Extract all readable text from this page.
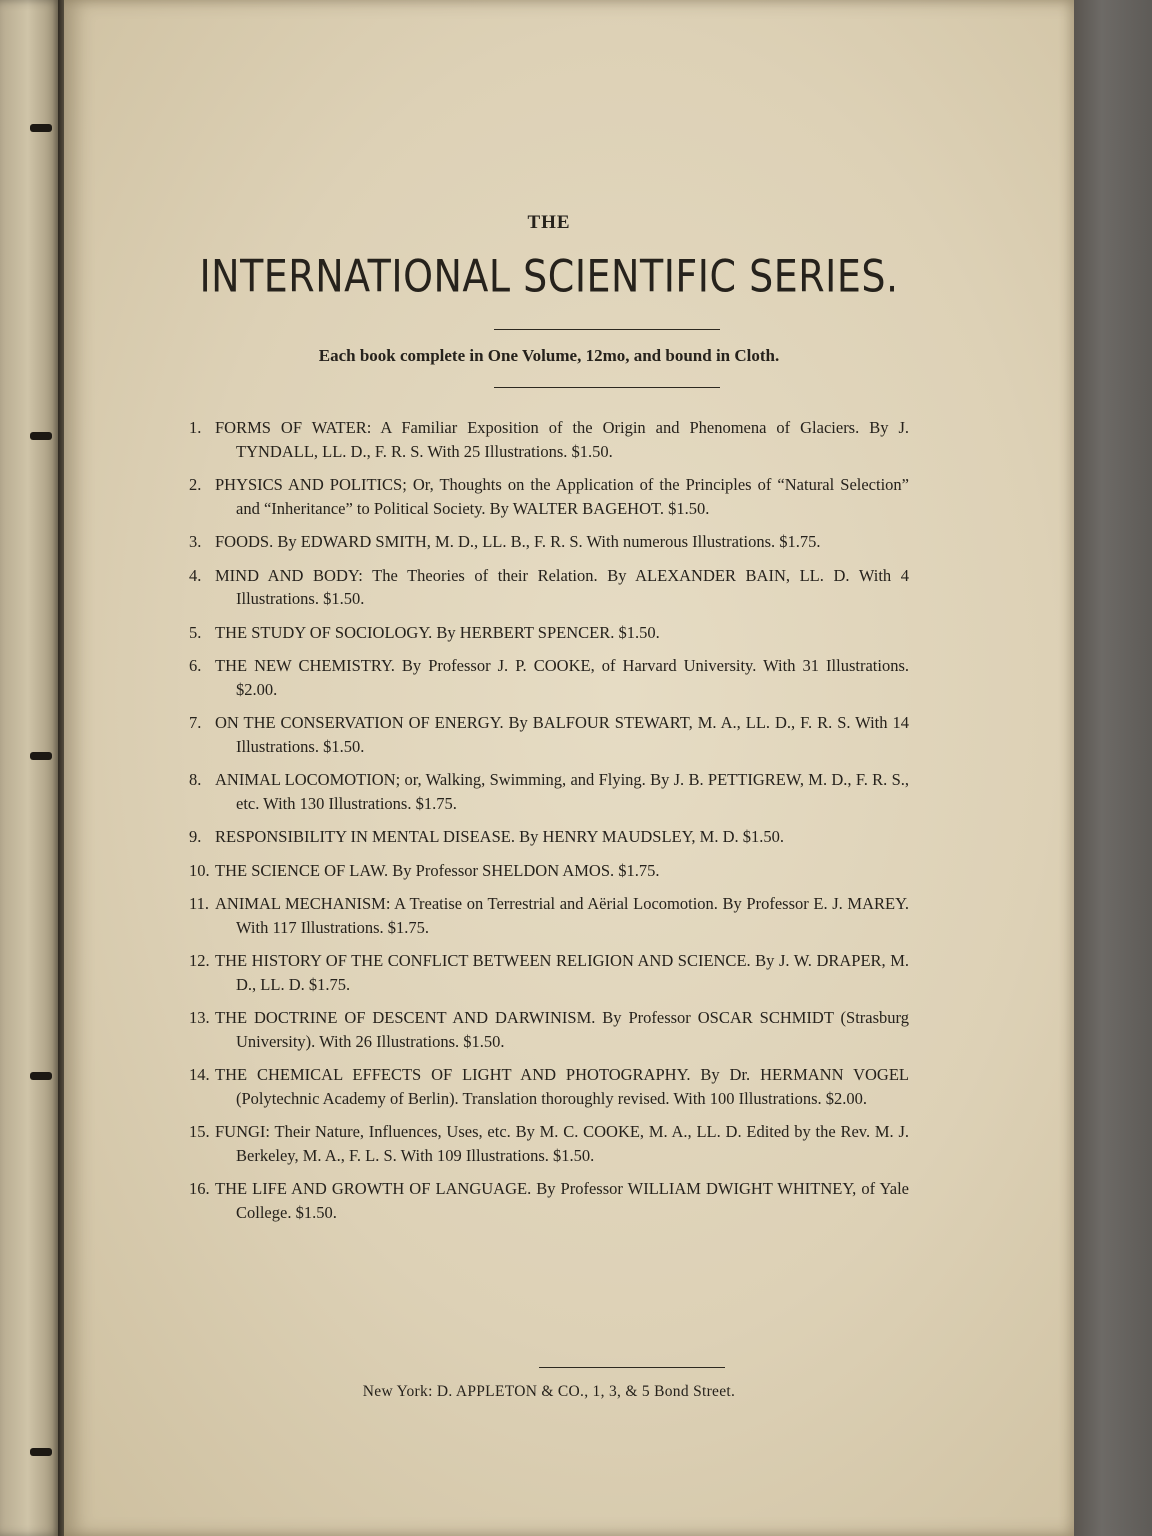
THE
INTERNATIONAL SCIENTIFIC SERIES.
Each book complete in One Volume, 12mo, and bound in Cloth.
1. FORMS OF WATER: A Familiar Exposition of the Origin and Phenomena of Glaciers. By J. TYNDALL, LL. D., F. R. S. With 25 Illustrations. $1.50.
2. PHYSICS AND POLITICS; Or, Thoughts on the Application of the Principles of “Natural Selection” and “Inheritance” to Political Society. By WALTER BAGEHOT. $1.50.
3. FOODS. By EDWARD SMITH, M. D., LL. B., F. R. S. With numerous Illustrations. $1.75.
4. MIND AND BODY: The Theories of their Relation. By ALEXANDER BAIN, LL. D. With 4 Illustrations. $1.50.
5. THE STUDY OF SOCIOLOGY. By HERBERT SPENCER. $1.50.
6. THE NEW CHEMISTRY. By Professor J. P. COOKE, of Harvard University. With 31 Illustrations. $2.00.
7. ON THE CONSERVATION OF ENERGY. By BALFOUR STEWART, M. A., LL. D., F. R. S. With 14 Illustrations. $1.50.
8. ANIMAL LOCOMOTION; or, Walking, Swimming, and Flying. By J. B. PETTIGREW, M. D., F. R. S., etc. With 130 Illustrations. $1.75.
9. RESPONSIBILITY IN MENTAL DISEASE. By HENRY MAUDSLEY, M. D. $1.50.
10. THE SCIENCE OF LAW. By Professor SHELDON AMOS. $1.75.
11. ANIMAL MECHANISM: A Treatise on Terrestrial and Aërial Locomotion. By Professor E. J. MAREY. With 117 Illustrations. $1.75.
12. THE HISTORY OF THE CONFLICT BETWEEN RELIGION AND SCIENCE. By J. W. DRAPER, M. D., LL. D. $1.75.
13. THE DOCTRINE OF DESCENT AND DARWINISM. By Professor OSCAR SCHMIDT (Strasburg University). With 26 Illustrations. $1.50.
14. THE CHEMICAL EFFECTS OF LIGHT AND PHOTOGRAPHY. By Dr. HERMANN VOGEL (Polytechnic Academy of Berlin). Translation thoroughly revised. With 100 Illustrations. $2.00.
15. FUNGI: Their Nature, Influences, Uses, etc. By M. C. COOKE, M. A., LL. D. Edited by the Rev. M. J. Berkeley, M. A., F. L. S. With 109 Illustrations. $1.50.
16. THE LIFE AND GROWTH OF LANGUAGE. By Professor WILLIAM DWIGHT WHITNEY, of Yale College. $1.50.
New York: D. APPLETON & CO., 1, 3, & 5 Bond Street.
